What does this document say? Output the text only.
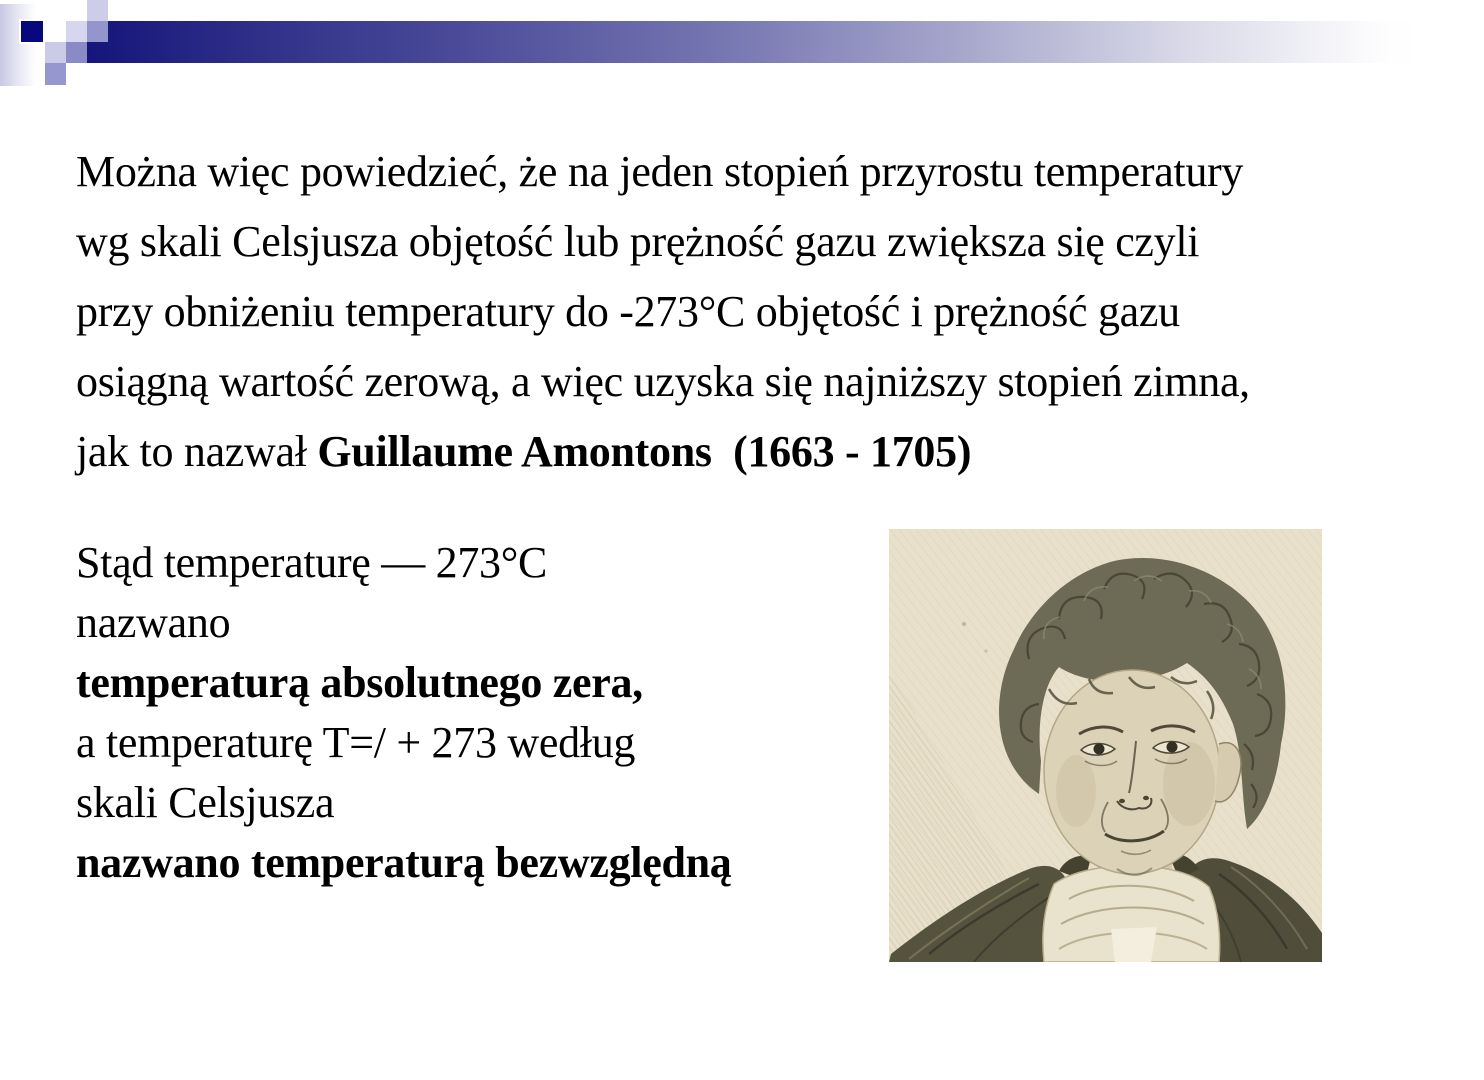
Można więc powiedzieć, że na jeden stopień przyrostu temperatury
wg skali Celsjusza objętość lub prężność gazu zwiększa się czyli
przy obniżeniu temperatury do -273°C objętość i prężność gazu
osiągną wartość zerową, a więc uzyska się najniższy stopień zimna,
jak to nazwał Guillaume Amontons  (1663 - 1705)
Stąd temperaturę — 273°C
nazwano
temperaturą absolutnego zera,
a temperaturę T=/ + 273 według
skali Celsjusza
nazwano temperaturą bezwzględną
